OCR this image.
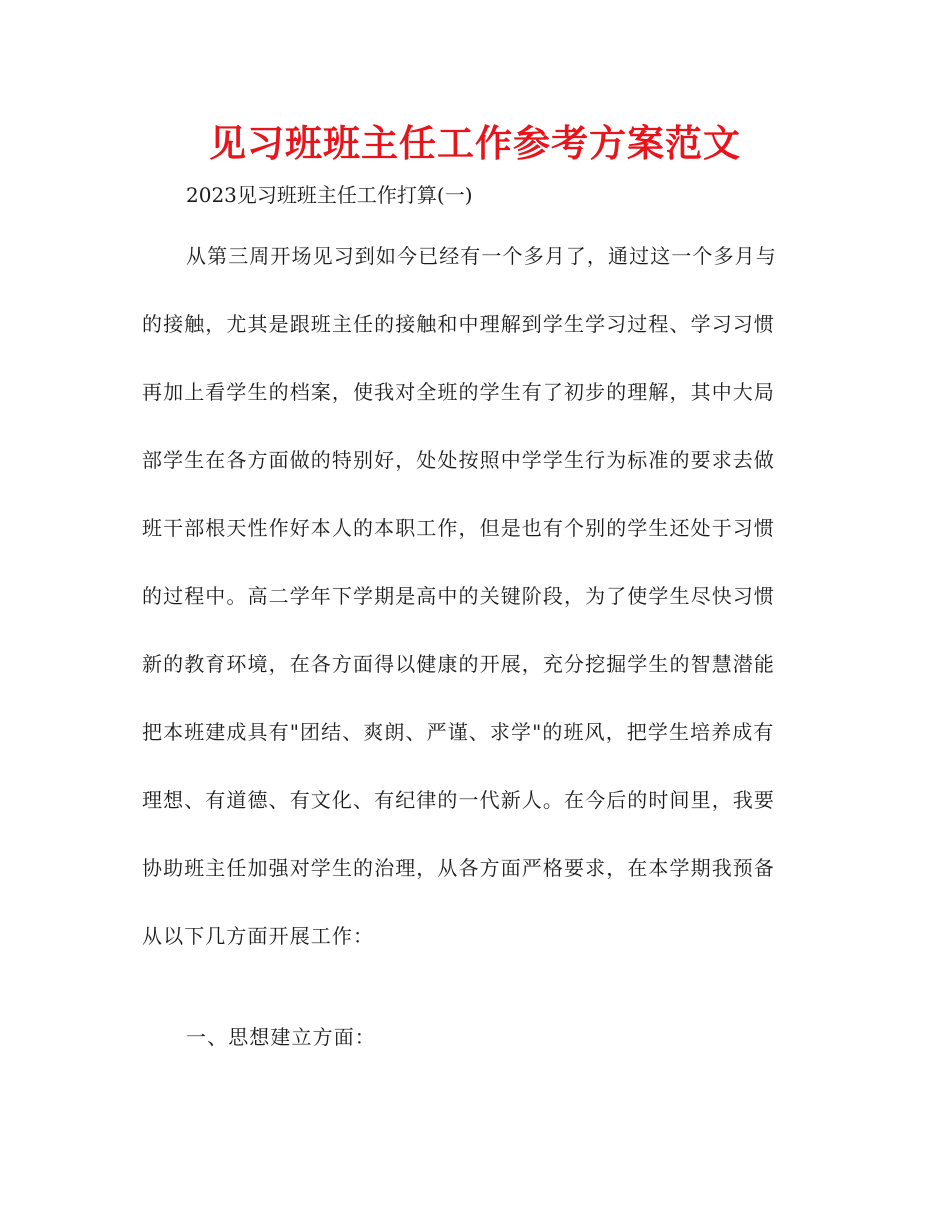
见习班班主任工作参考方案范文
2023见习班班主任工作打算(一)
从第三周开场见习到如今已经有一个多月了，通过这一个多月与
的接触，尤其是跟班主任的接触和中理解到学生学习过程、学习习惯
再加上看学生的档案，使我对全班的学生有了初步的理解，其中大局
部学生在各方面做的特别好，处处按照中学学生行为标准的要求去做
班干部根天性作好本人的本职工作，但是也有个别的学生还处于习惯
的过程中。高二学年下学期是高中的关键阶段，为了使学生尽快习惯
新的教育环境，在各方面得以健康的开展，充分挖掘学生的智慧潜能
把本班建成具有"团结、爽朗、严谨、求学"的班风，把学生培养成有
理想、有道德、有文化、有纪律的一代新人。在今后的时间里，我要
协助班主任加强对学生的治理，从各方面严格要求，在本学期我预备
从以下几方面开展工作：
一、思想建立方面：
